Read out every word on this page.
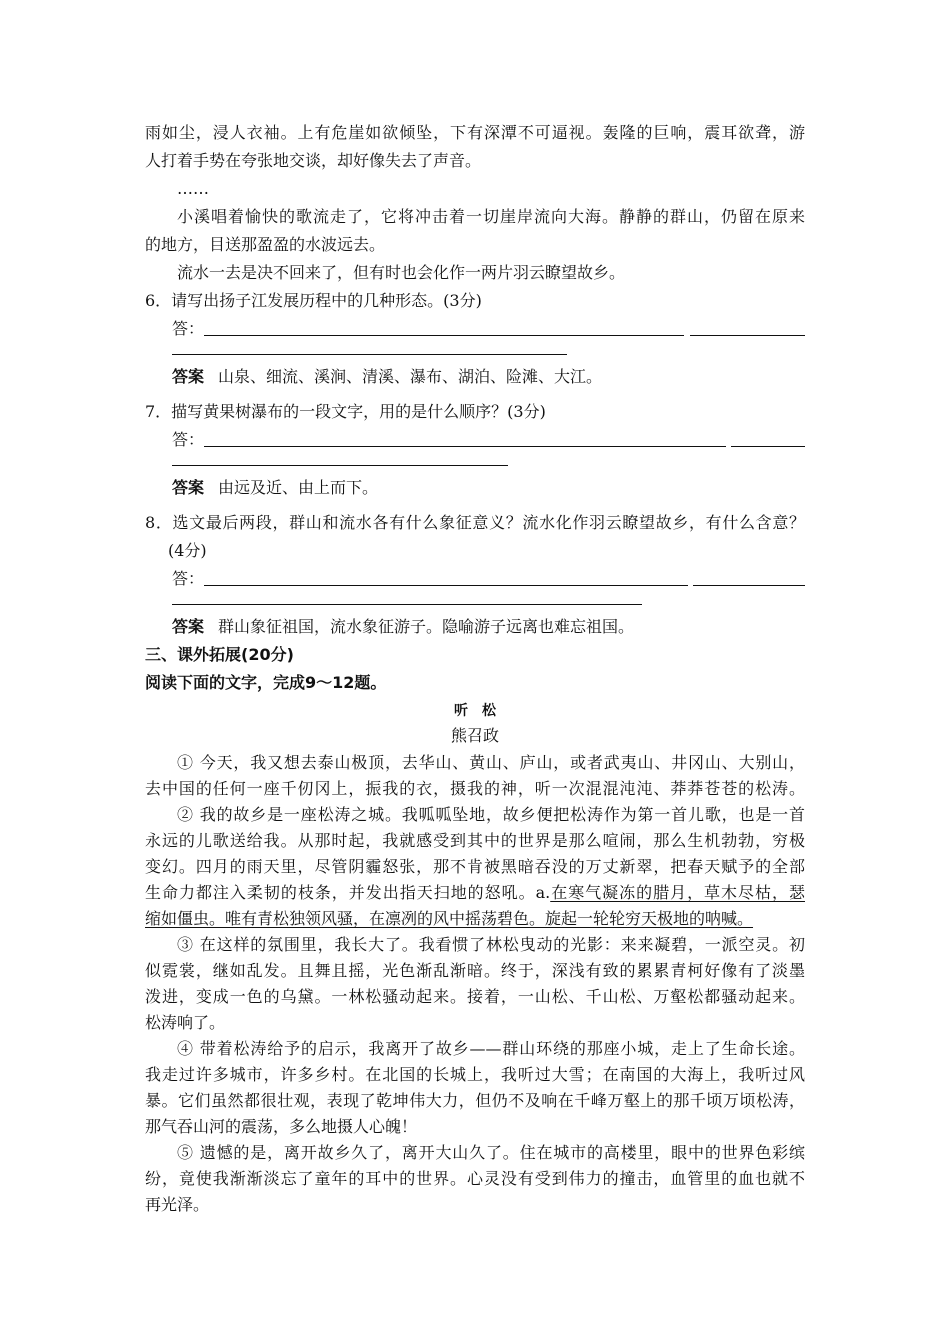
雨如尘，浸人衣袖。上有危崖如欲倾坠，下有深潭不可逼视。轰隆的巨响，震耳欲聋，游
人打着手势在夸张地交谈，却好像失去了声音。
……
小溪唱着愉快的歌流走了，它将冲击着一切崖岸流向大海。静静的群山，仍留在原来
的地方，目送那盈盈的水波远去。
流水一去是决不回来了，但有时也会化作一两片羽云瞭望故乡。
6．请写出扬子江发展历程中的几种形态。(3分)
答：
答案 山泉、细流、溪涧、清溪、瀑布、湖泊、险滩、大江。
7．描写黄果树瀑布的一段文字，用的是什么顺序？(3分)
答：
答案 由远及近、由上而下。
8．选文最后两段，群山和流水各有什么象征意义？流水化作羽云瞭望故乡，有什么含意？
(4分)
答：
答案 群山象征祖国，流水象征游子。隐喻游子远离也难忘祖国。
三、课外拓展(20分)
阅读下面的文字，完成9～12题。
听　松
熊召政
① 今天，我又想去泰山极顶，去华山、黄山、庐山，或者武夷山、井冈山、大别山，
去中国的任何一座千仞冈上，振我的衣，摄我的神，听一次混混沌沌、莽莽苍苍的松涛。
② 我的故乡是一座松涛之城。我呱呱坠地，故乡便把松涛作为第一首儿歌，也是一首
永远的儿歌送给我。从那时起，我就感受到其中的世界是那么喧闹，那么生机勃勃，穷极
变幻。四月的雨天里，尽管阴霾怒张，那不肯被黑暗吞没的万丈新翠，把春天赋予的全部
生命力都注入柔韧的枝条，并发出指天扫地的怒吼。a.在寒气凝冻的腊月，草木尽枯，瑟
缩如僵虫。唯有青松独领风骚，在凛冽的风中摇荡碧色。旋起一轮轮穷天极地的呐喊。
③ 在这样的氛围里，我长大了。我看惯了林松曳动的光影：来来凝碧，一派空灵。初
似霓裳，继如乱发。且舞且摇，光色渐乱渐暗。终于，深浅有致的累累青柯好像有了淡墨
泼进，变成一色的乌黛。一林松骚动起来。接着，一山松、千山松、万壑松都骚动起来。
松涛响了。
④ 带着松涛给予的启示，我离开了故乡——群山环绕的那座小城，走上了生命长途。
我走过许多城市，许多乡村。在北国的长城上，我听过大雪；在南国的大海上，我听过风
暴。它们虽然都很壮观，表现了乾坤伟大力，但仍不及响在千峰万壑上的那千顷万顷松涛，
那气吞山河的震荡，多么地摄人心魄！
⑤ 遗憾的是，离开故乡久了，离开大山久了。住在城市的高楼里，眼中的世界色彩缤
纷，竟使我渐渐淡忘了童年的耳中的世界。心灵没有受到伟力的撞击，血管里的血也就不
再光泽。
